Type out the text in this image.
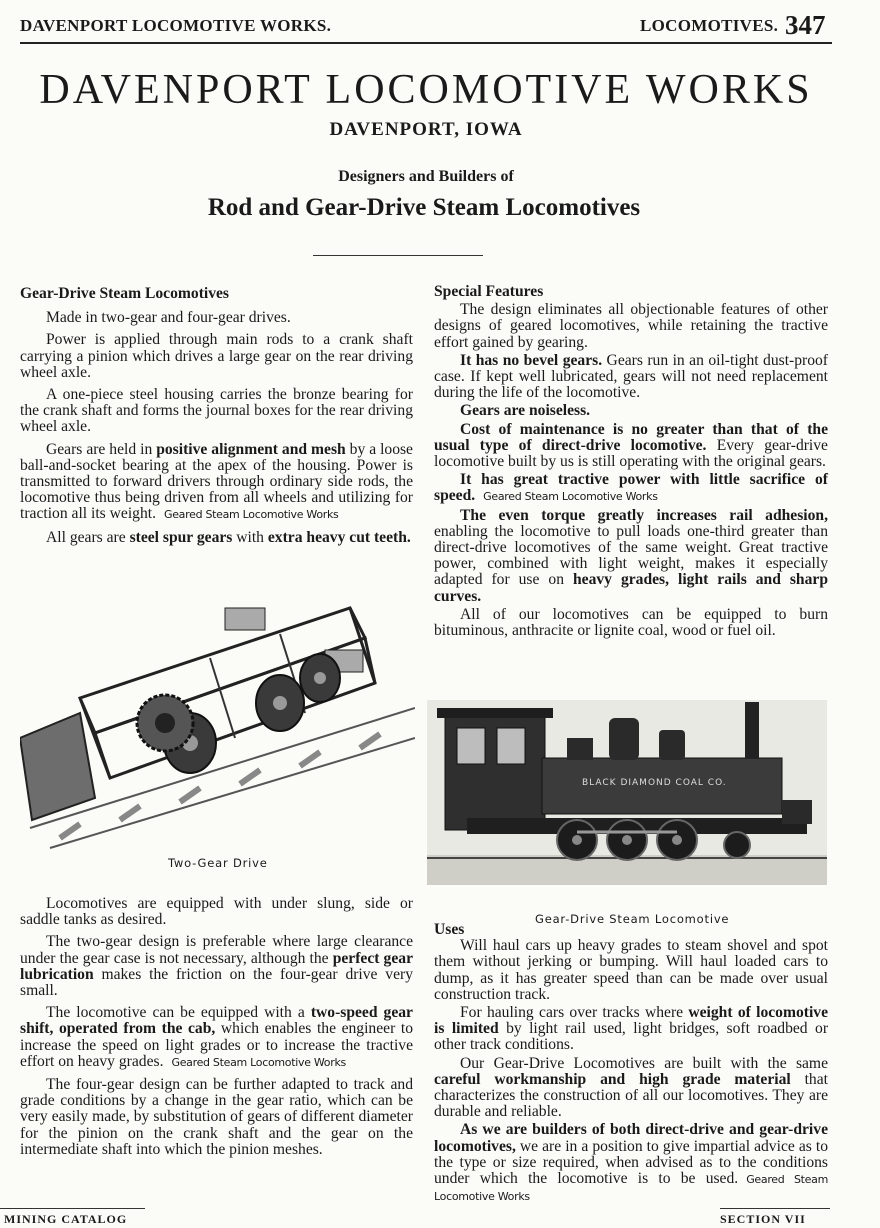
DAVENPORT LOCOMOTIVE WORKS.	LOCOMOTIVES. 347
DAVENPORT LOCOMOTIVE WORKS
DAVENPORT, IOWA
Designers and Builders of
Rod and Gear-Drive Steam Locomotives
Gear-Drive Steam Locomotives

Made in two-gear and four-gear drives.

Power is applied through main rods to a crank shaft carrying a pinion which drives a large gear on the rear driving wheel axle.

A one-piece steel housing carries the bronze bearing for the crank shaft and forms the journal boxes for the rear driving wheel axle.

Gears are held in positive alignment and mesh by a loose ball-and-socket bearing at the apex of the housing. Power is transmitted to forward drivers through ordinary side rods, the locomotive thus being driven from all wheels and utilizing for traction all its weight. Geared Steam Locomotive Works

All gears are steel spur gears with extra heavy cut teeth.

Two-Gear Drive

Locomotives are equipped with under slung, side or saddle tanks as desired.

The two-gear design is preferable where large clearance under the gear case is not necessary, although the perfect gear lubrication makes the friction on the four-gear drive very small.

The locomotive can be equipped with a two-speed gear shift, operated from the cab, which enables the engineer to increase the speed on light grades or to increase the tractive effort on heavy grades. Geared Steam Locomotive Works

The four-gear design can be further adapted to track and grade conditions by a change in the gear ratio, which can be very easily made, by substitution of gears of different diameter for the pinion on the crank shaft and the gear on the intermediate shaft into which the pinion meshes.

Special Features

The design eliminates all objectionable features of other designs of geared locomotives, while retaining the tractive effort gained by gearing.

It has no bevel gears. Gears run in an oil-tight dust-proof case. If kept well lubricated, gears will not need replacement during the life of the locomotive.

Gears are noiseless.

Cost of maintenance is no greater than that of the usual type of direct-drive locomotive. Every gear-drive locomotive built by us is still operating with the original gears.

It has great tractive power with little sacrifice of speed. Geared Steam Locomotive Works

The even torque greatly increases rail adhesion, enabling the locomotive to pull loads one-third greater than direct-drive locomotives of the same weight. Great tractive power, combined with light weight, makes it especially adapted for use on heavy grades, light rails and sharp curves.

All of our locomotives can be equipped to burn bituminous, anthracite or lignite coal, wood or fuel oil.

BLACK DIAMOND COAL CO.
Gear-Drive Steam Locomotive
Uses

Will haul cars up heavy grades to steam shovel and spot them without jerking or bumping. Will haul loaded cars to dump, as it has greater speed than can be made over usual construction track.

For hauling cars over tracks where weight of locomotive is limited by light rail used, light bridges, soft roadbed or other track conditions.

Our Gear-Drive Locomotives are built with the same careful workmanship and high grade material that characterizes the construction of all our locomotives. They are durable and reliable.

As we are builders of both direct-drive and gear-drive locomotives, we are in a position to give impartial advice as to the type or size required, when advised as to the conditions under which the locomotive is to be used. Geared Steam Locomotive Works

MINING CATALOG	SECTION VII
